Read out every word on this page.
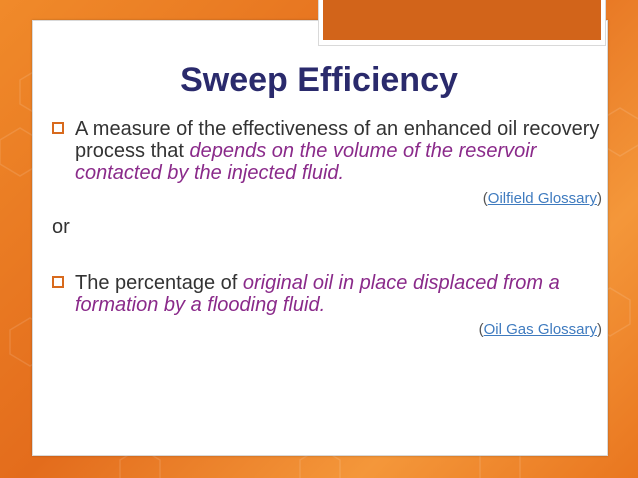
Sweep Efficiency

A measure of the effectiveness of an enhanced oil recovery process that depends on the volume of the reservoir contacted by the injected fluid.

(Oilfield Glossary)

or

The percentage of original oil in place displaced from a formation by a flooding fluid.

(Oil Gas Glossary)
